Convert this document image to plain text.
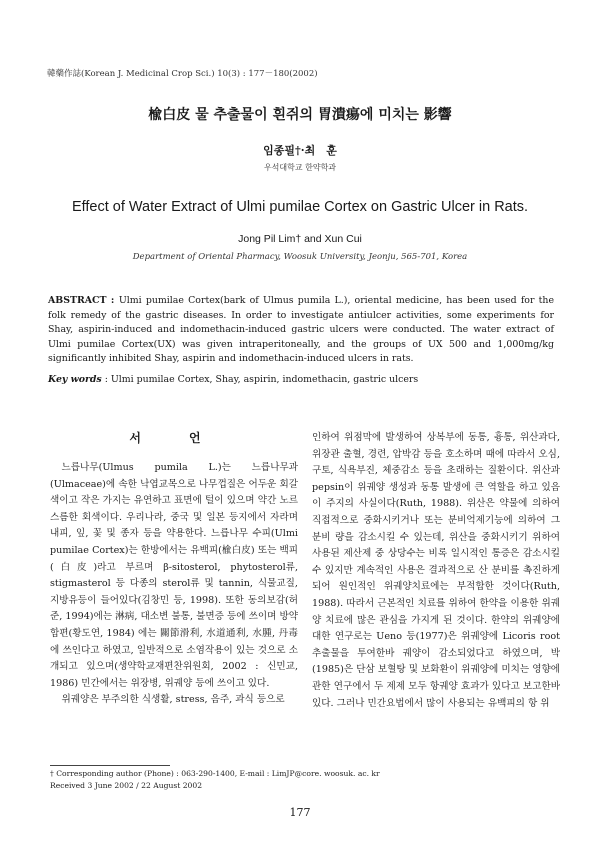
韓藥作誌(Korean J. Medicinal Crop Sci.) 10(3) : 177－180(2002)
楡白皮 물 추출물이 흰쥐의 胃潰瘍에 미치는 影響
임종필†·최　훈
우석대학교 한약학과
Effect of Water Extract of Ulmi pumilae Cortex on Gastric Ulcer in Rats.
Jong Pil Lim† and Xun Cui
Department of Oriental Pharmacy, Woosuk University, Jeonju, 565-701, Korea
ABSTRACT : Ulmi pumilae Cortex(bark of Ulmus pumila L.), oriental medicine, has been used for the folk remedy of the gastric diseases. In order to investigate antiulcer activities, some experiments for Shay, aspirin-induced and indomethacin-induced gastric ulcers were conducted. The water extract of Ulmi pumilae Cortex(UX) was given intraperitoneally, and the groups of UX 500 and 1,000mg/kg significantly inhibited Shay, aspirin and indomethacin-induced ulcers in rats.
Key words : Ulmi pumilae Cortex, Shay, aspirin, indomethacin, gastric ulcers
서　언

느릅나무(Ulmus pumila L.)는 느릅나무과(Ulmaceae)에 속한 낙엽교목으로 나무껍질은 어두운 회갈색이고 작은 가지는 유연하고 표면에 털이 있으며 약간 노르스름한 회색이다. 우리나라, 중국 및 일본 등지에서 자라며 내피, 잎, 꽃 및 종자 등을 약용한다. 느릅나무 수피(Ulmi pumilae Cortex)는 한방에서는 유백피(楡白皮) 또는 백피(白皮)라고 부르며 β-sitosterol, phytosterol류, stigmasterol 등 다종의 sterol류 및 tannin, 식물교질, 지방유등이 들어있다(김창민 등, 1998). 또한 동의보감(허준, 1994)에는 淋病, 대소변 불통, 불면증 등에 쓰이며 방약합편(황도연, 1984) 에는 關節滑利, 水道通利, 水腫, 丹毒에 쓰인다고 하였고, 일반적으로 소염작용이 있는 것으로 소개되고 있으며(생약학교재편찬위원회, 2002 : 신민교, 1986) 민간에서는 위장병, 위궤양 등에 쓰이고 있다.

위궤양은 부주의한 식생활, stress, 음주, 과식 등으로

인하여 위점막에 발생하여 상복부에 동통, 흉통, 위산과다, 위장관 출혈, 경련, 압박감 등을 호소하며 때에 따라서 오심, 구토, 식욕부진, 체중감소 등을 초래하는 질환이다. 위산과 pepsin이 위궤양 생성과 동통 발생에 큰 역할을 하고 있음이 주지의 사실이다(Ruth, 1988). 위산은 약물에 의하여 직접적으로 중화시키거나 또는 분비억제기능에 의하여 그 분비 량을 감소시킬 수 있는데, 위산을 중화시키기 위하여 사용된 제산제 중 상당수는 비록 일시적인 통증은 감소시킬 수 있지만 계속적인 사용은 결과적으로 산 분비를 촉진하게 되어 원인적인 위궤양치료에는 부적합한 것이다(Ruth, 1988). 따라서 근본적인 치료를 위하여 한약을 이용한 위궤양 치료에 많은 관심을 가지게 된 것이다. 한약의 위궤양에 대한 연구로는 Ueno 등(1977)은 위궤양에 Licoris root 추출물을 투여한바 궤양이 감소되었다고 하였으며, 박(1985)은 단삼 보혈탕 및 보화환이 위궤양에 미치는 영향에 관한 연구에서 두 제제 모두 항궤양 효과가 있다고 보고한바 있다. 그러나 민간요법에서 많이 사용되는 유백피의 항 위

† Corresponding author (Phone) : 063-290-1400, E-mail : LimJP@core. woosuk. ac. kr
Received 3 June 2002 / 22 August 2002
177
